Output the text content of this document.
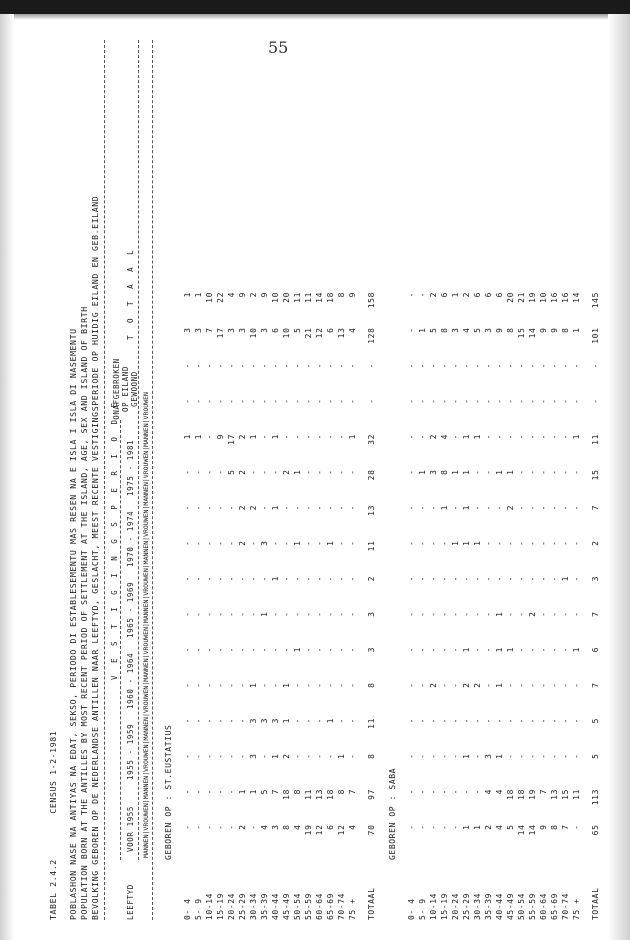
55
TABEL 2.4.2 CENSUS 1-2-1981 POBLASHON NASE NA ANTIYAS NA EDAT, SEKSO, PERIODO DI ESTABLESEMENTU MAS RESEN NA E ISLA I ISLA DI NASEMENTU POPULATION BORN AT THE ANTILLES BY MOST RECENT PERIOD OF SETTLEMENT AT THE ISLAND, AGE, SEX AND ISLAND OF BIRTH BEVOLKING GEBOREN OP DE NEDERLANDSE ANTILLEN NAAR LEEFTYD, GESLACHT, MEEST RECENTE VESTIGINGSPERIODE OP HUIDIG EILAND EN GEB.EILAND V E S T I G I N G S P E R I O D E
LEEFTYD
VOOR 1955
1955 - 1959
1960 - 1964
1965 - 1969
1970 - 1974
1975 - 1981
ONAFGEBROKEN OP EILAND GEWOOND
T O T A A L
MANNEN|VROUWEN|MANNEN|VROUWEN|MANNEN|VROUWEN|MANNEN|VROUWEN|MANNEN|VROUWEN|MANNEN|VROUWEN|MANNEN|VROUWEN|MANNEN|VROUWEN
GEBOREN OP : ST.EUSTATIUS
0- 4	-	-	-	-	-	-	-	-	-	-	-	1	-	-	3	1
5- 9	-	-	-	-	-	-	-	-	-	-	-	1	-	-	3	1
10-14	-	-	-	-	-	-	-	-	-	-	-	-	-	-	7	10
15-19	-	-	-	-	-	-	-	-	-	-	-	9	-	-	17	22
20-24	-	-	-	-	-	-	-	-	-	-	5	17	-	-	3	4
25-29	2	1	-	-	-	-	-	-	2	2	2	2	-	-	3	9
30-34	-	1	3	3	1	-	-	-	-	2	-	1	-	-	10	2
35-39	4	5	-	3	-	-	1	-	3	-	-	-	-	-	3	9
40-44	3	7	1	3	-	-	-	1	-	1	-	1	-	-	6	10
45-49	8	18	2	1	1	-	-	-	-	-	2	-	-	-	10	20
50-54	4	8	-	-	-	1	-	-	1	-	1	-	-	-	5	11
55-59	19	11	-	-	-	-	-	-	-	-	-	-	-	-	21	11
60-64	12	13	-	-	-	-	-	-	-	-	-	-	-	-	12	14
65-69	6	18	-	1	-	-	-	-	1	-	-	-	-	-	6	18
70-74	12	8	1	-	-	-	-	-	-	-	-	-	-	-	13	8
75 +	4	7	-	-	-	-	-	-	-	-	-	1	-	-	4	9
TOTAAL	70	97	8	11	8	3	3	2	11	13	28	32	-	-	128	158
GEBOREN OP : SABA
0- 4	-	-	-	-	-	-	-	-	-	-	-	-	-	-	-	-
5- 9	-	-	-	-	-	-	-	-	-	-	1	-	-	-	1	-
10-14	-	-	-	-	2	-	-	-	-	-	3	2	-	-	5	2
15-19	-	-	-	-	-	-	-	-	-	1	8	4	-	-	8	6
20-24	-	-	-	-	-	-	-	-	1	-	1	-	-	-	3	1
25-29	1	-	1	-	2	1	-	-	1	1	1	1	-	-	4	2
30-34	1	-	-	-	2	-	-	-	1	-	-	1	-	-	5	6
35-39	2	4	3	-	-	-	-	-	-	-	-	-	-	-	3	6
40-44	4	4	1	-	1	1	1	-	-	-	1	-	-	-	9	6
45-49	5	18	-	-	-	1	-	-	-	2	1	-	-	-	8	20
50-54	14	18	-	-	-	-	-	-	-	-	-	-	-	-	15	21
55-59	14	19	-	-	-	-	2	-	-	-	-	-	-	-	14	19
60-64	9	7	-	-	-	-	-	-	-	-	-	-	-	-	9	10
65-69	8	13	-	-	-	-	-	-	-	-	-	-	-	-	9	16
70-74	7	15	-	-	-	-	-	1	-	-	-	-	-	-	8	16
75 +	-	11	-	-	-	1	-	-	-	-	-	1	-	-	1	14
TOTAAL	65	113	5	5	7	6	7	3	2	7	15	11	-	-	101	145
